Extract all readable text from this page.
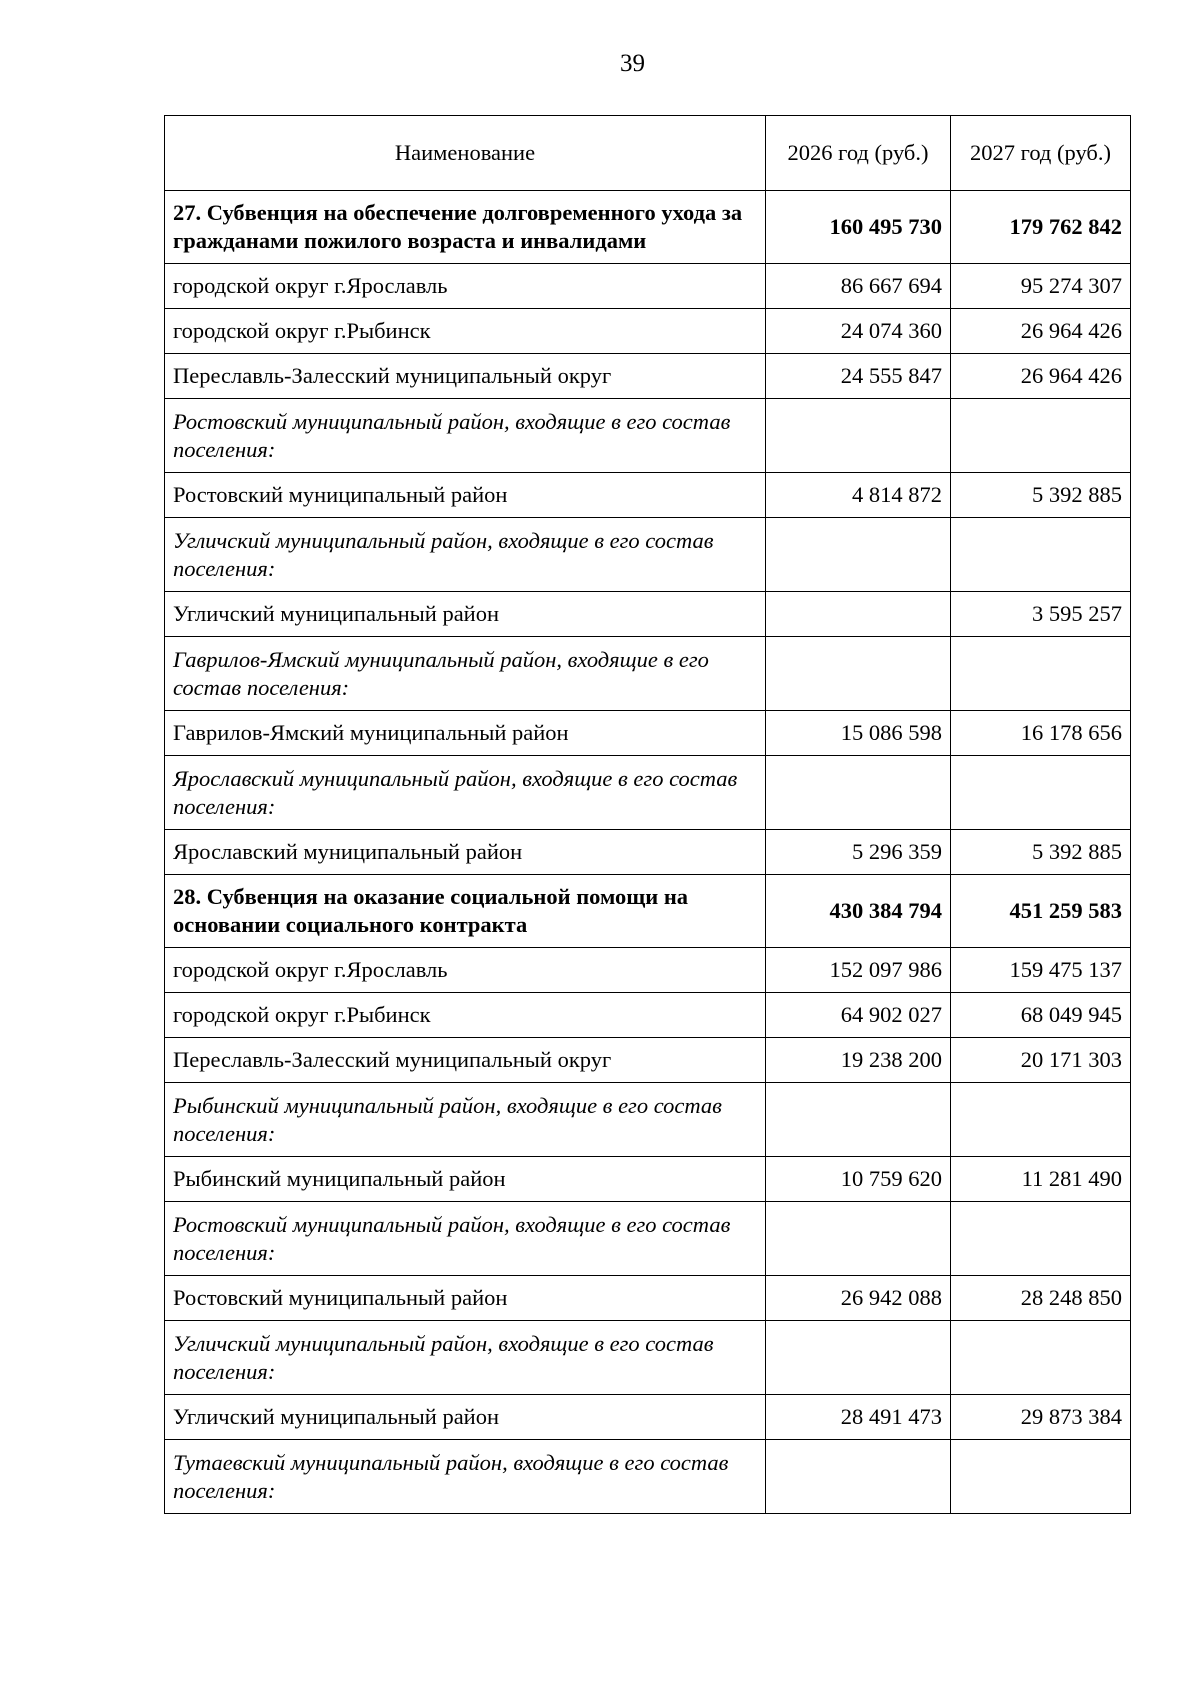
39
Наименование	2026 год (руб.)	2027 год (руб.)
27. Субвенция на обеспечение долговременного ухода за гражданами пожилого возраста и инвалидами	160 495 730	179 762 842
городской округ г.Ярославль	86 667 694	95 274 307
городской округ г.Рыбинск	24 074 360	26 964 426
Переславль-Залесский муниципальный округ	24 555 847	26 964 426
Ростовский муниципальный район, входящие в его состав поселения:		
Ростовский муниципальный район	4 814 872	5 392 885
Угличский муниципальный район, входящие в его состав поселения:		
Угличский муниципальный район		3 595 257
Гаврилов-Ямский муниципальный район, входящие в его состав поселения:		
Гаврилов-Ямский муниципальный район	15 086 598	16 178 656
Ярославский муниципальный район, входящие в его состав поселения:		
Ярославский муниципальный район	5 296 359	5 392 885
28. Субвенция на оказание социальной помощи на основании социального контракта	430 384 794	451 259 583
городской округ г.Ярославль	152 097 986	159 475 137
городской округ г.Рыбинск	64 902 027	68 049 945
Переславль-Залесский муниципальный округ	19 238 200	20 171 303
Рыбинский муниципальный район, входящие в его состав поселения:		
Рыбинский муниципальный район	10 759 620	11 281 490
Ростовский муниципальный район, входящие в его состав поселения:		
Ростовский муниципальный район	26 942 088	28 248 850
Угличский муниципальный район, входящие в его состав поселения:		
Угличский муниципальный район	28 491 473	29 873 384
Тутаевский муниципальный район, входящие в его состав поселения:		
